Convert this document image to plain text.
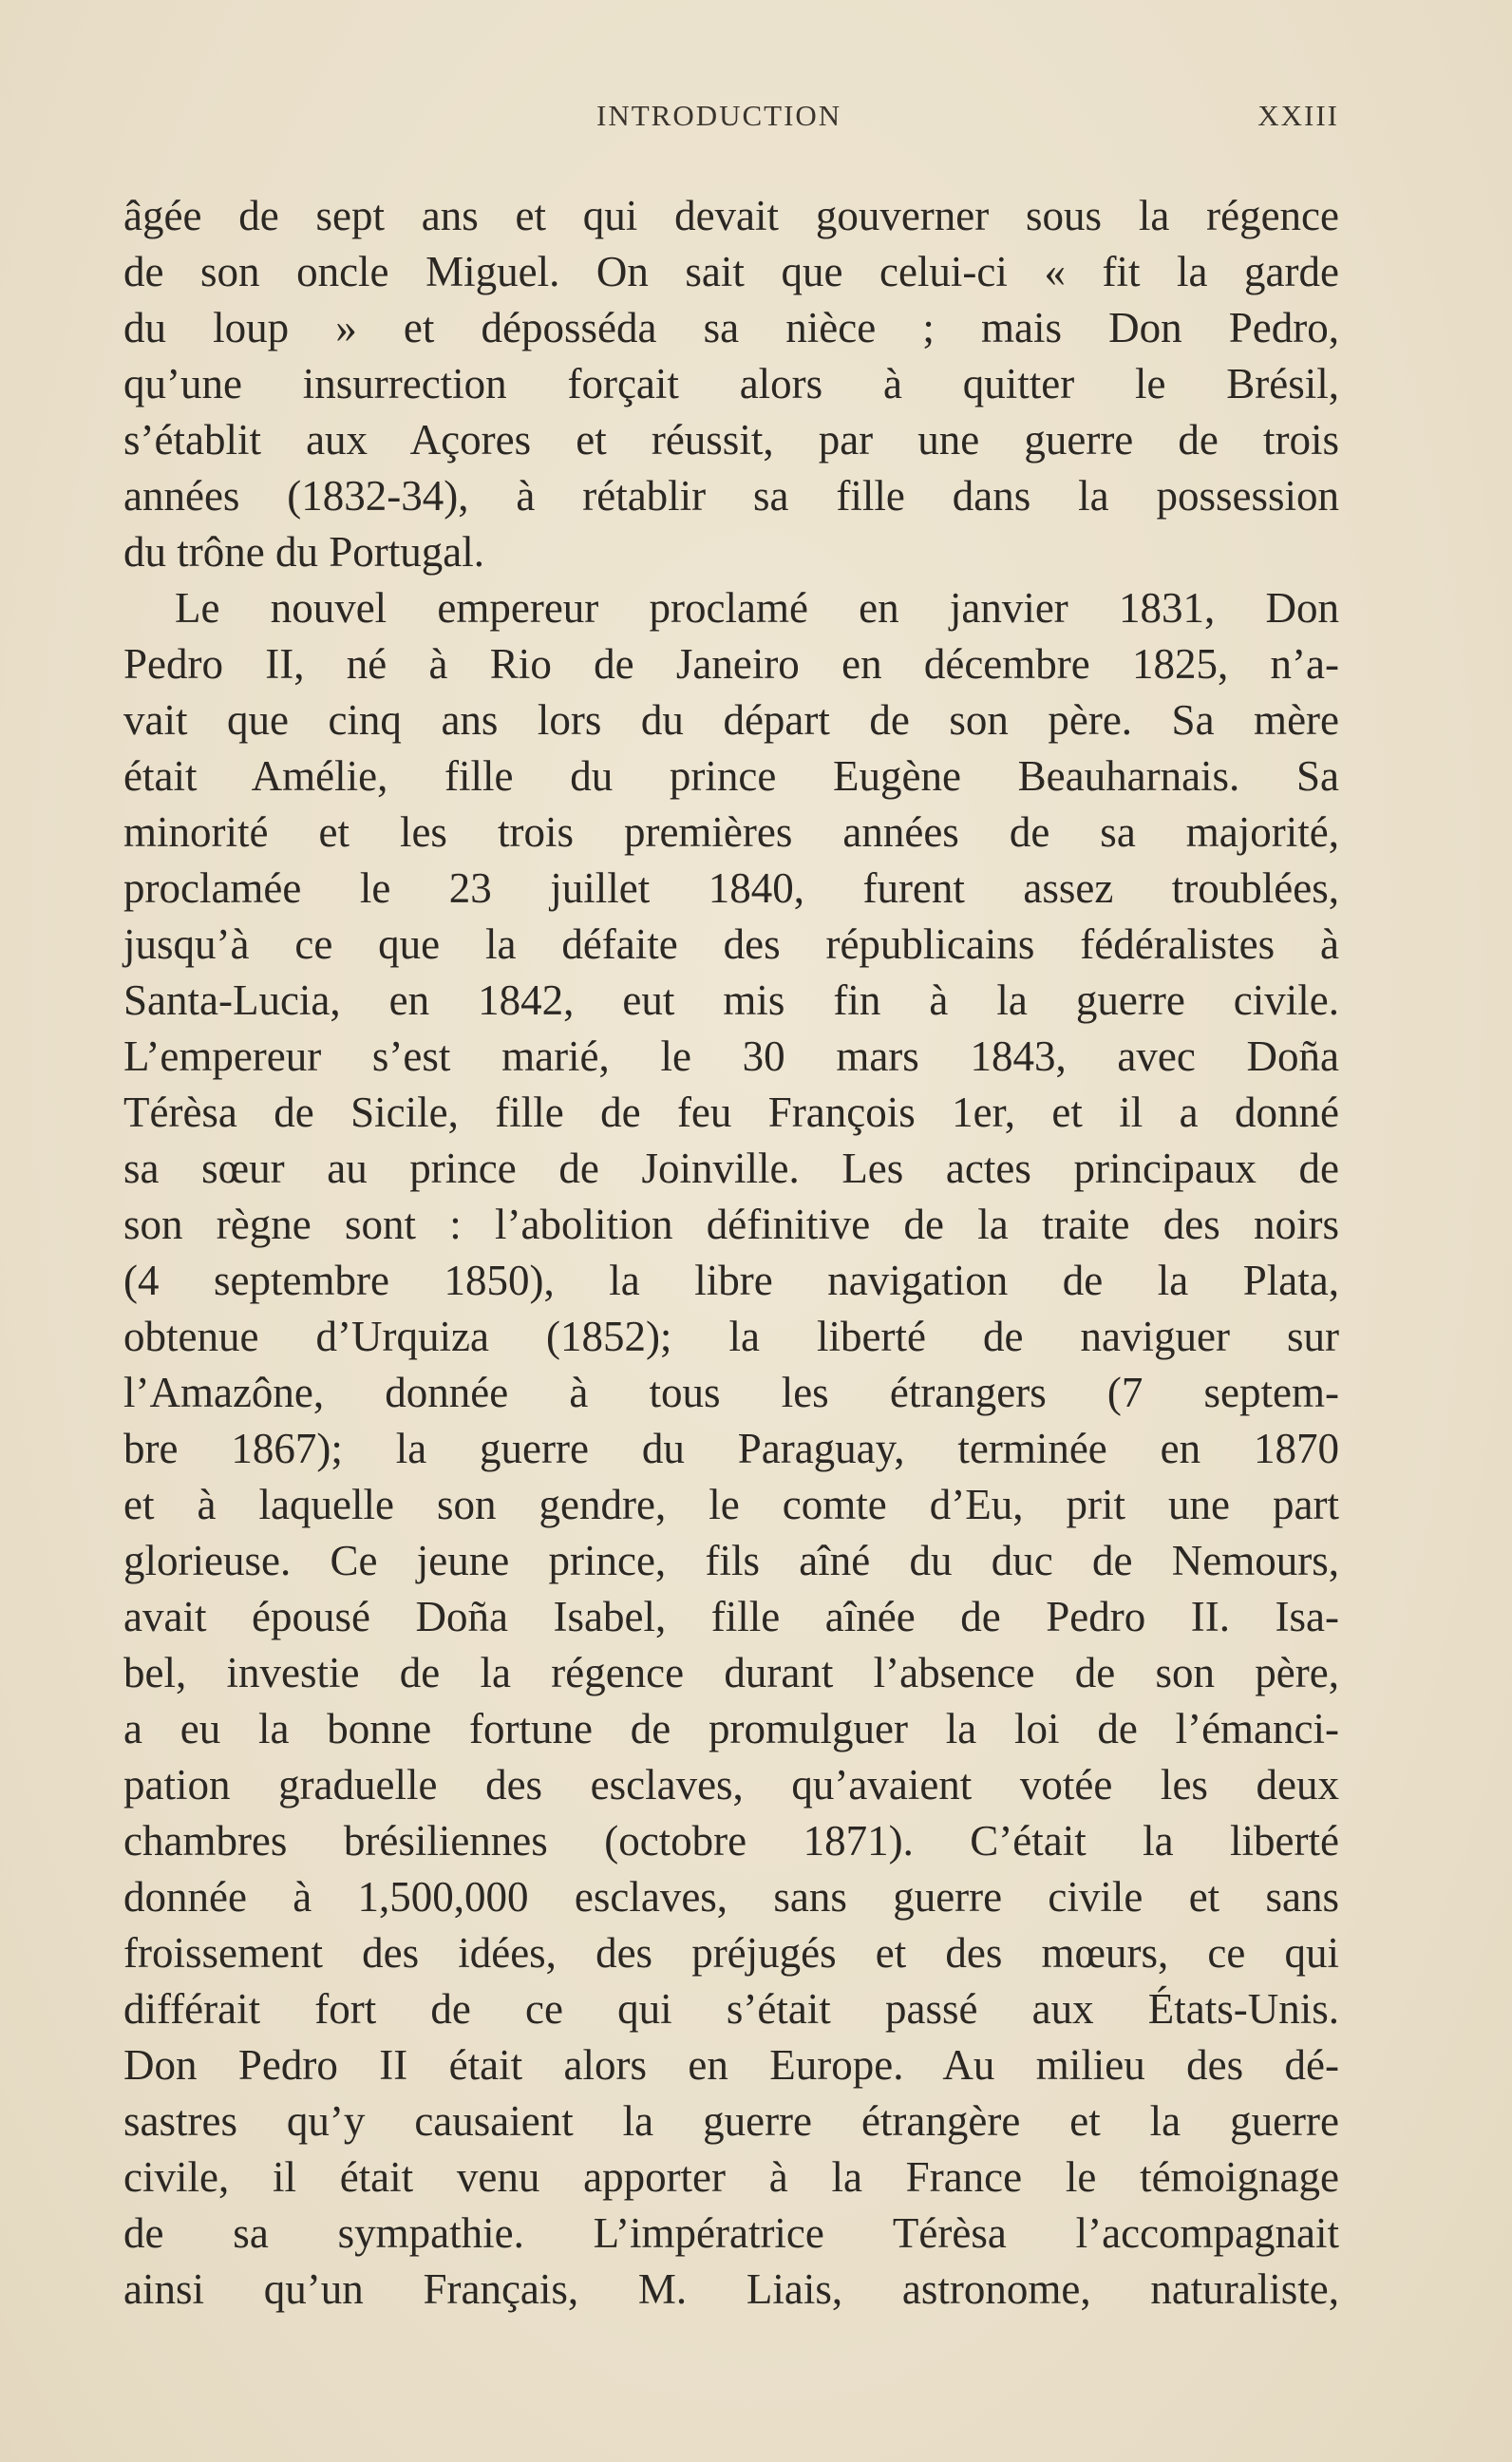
INTRODUCTION	XXIII
âgée de sept ans et qui devait gouverner sous la régence
de son oncle Miguel. On sait que celui-ci « fit la garde
du loup » et déposséda sa nièce ; mais Don Pedro,
qu’une insurrection forçait alors à quitter le Brésil,
s’établit aux Açores et réussit, par une guerre de trois
années (1832-34), à rétablir sa fille dans la possession
du trône du Portugal.
Le nouvel empereur proclamé en janvier 1831, Don
Pedro II, né à Rio de Janeiro en décembre 1825, n’a-
vait que cinq ans lors du départ de son père. Sa mère
était Amélie, fille du prince Eugène Beauharnais. Sa
minorité et les trois premières années de sa majorité,
proclamée le 23 juillet 1840, furent assez troublées,
jusqu’à ce que la défaite des républicains fédéralistes à
Santa-Lucia, en 1842, eut mis fin à la guerre civile.
L’empereur s’est marié, le 30 mars 1843, avec Doña
Térèsa de Sicile, fille de feu François 1er, et il a donné
sa sœur au prince de Joinville. Les actes principaux de
son règne sont : l’abolition définitive de la traite des noirs
(4 septembre 1850), la libre navigation de la Plata,
obtenue d’Urquiza (1852); la liberté de naviguer sur
l’Amazône, donnée à tous les étrangers (7 septem-
bre 1867); la guerre du Paraguay, terminée en 1870
et à laquelle son gendre, le comte d’Eu, prit une part
glorieuse. Ce jeune prince, fils aîné du duc de Nemours,
avait épousé Doña Isabel, fille aînée de Pedro II. Isa-
bel, investie de la régence durant l’absence de son père,
a eu la bonne fortune de promulguer la loi de l’émanci-
pation graduelle des esclaves, qu’avaient votée les deux
chambres brésiliennes (octobre 1871). C’était la liberté
donnée à 1,500,000 esclaves, sans guerre civile et sans
froissement des idées, des préjugés et des mœurs, ce qui
différait fort de ce qui s’était passé aux États-Unis.
Don Pedro II était alors en Europe. Au milieu des dé-
sastres qu’y causaient la guerre étrangère et la guerre
civile, il était venu apporter à la France le témoignage
de sa sympathie. L’impératrice Térèsa l’accompagnait
ainsi qu’un Français, M. Liais, astronome, naturaliste,
